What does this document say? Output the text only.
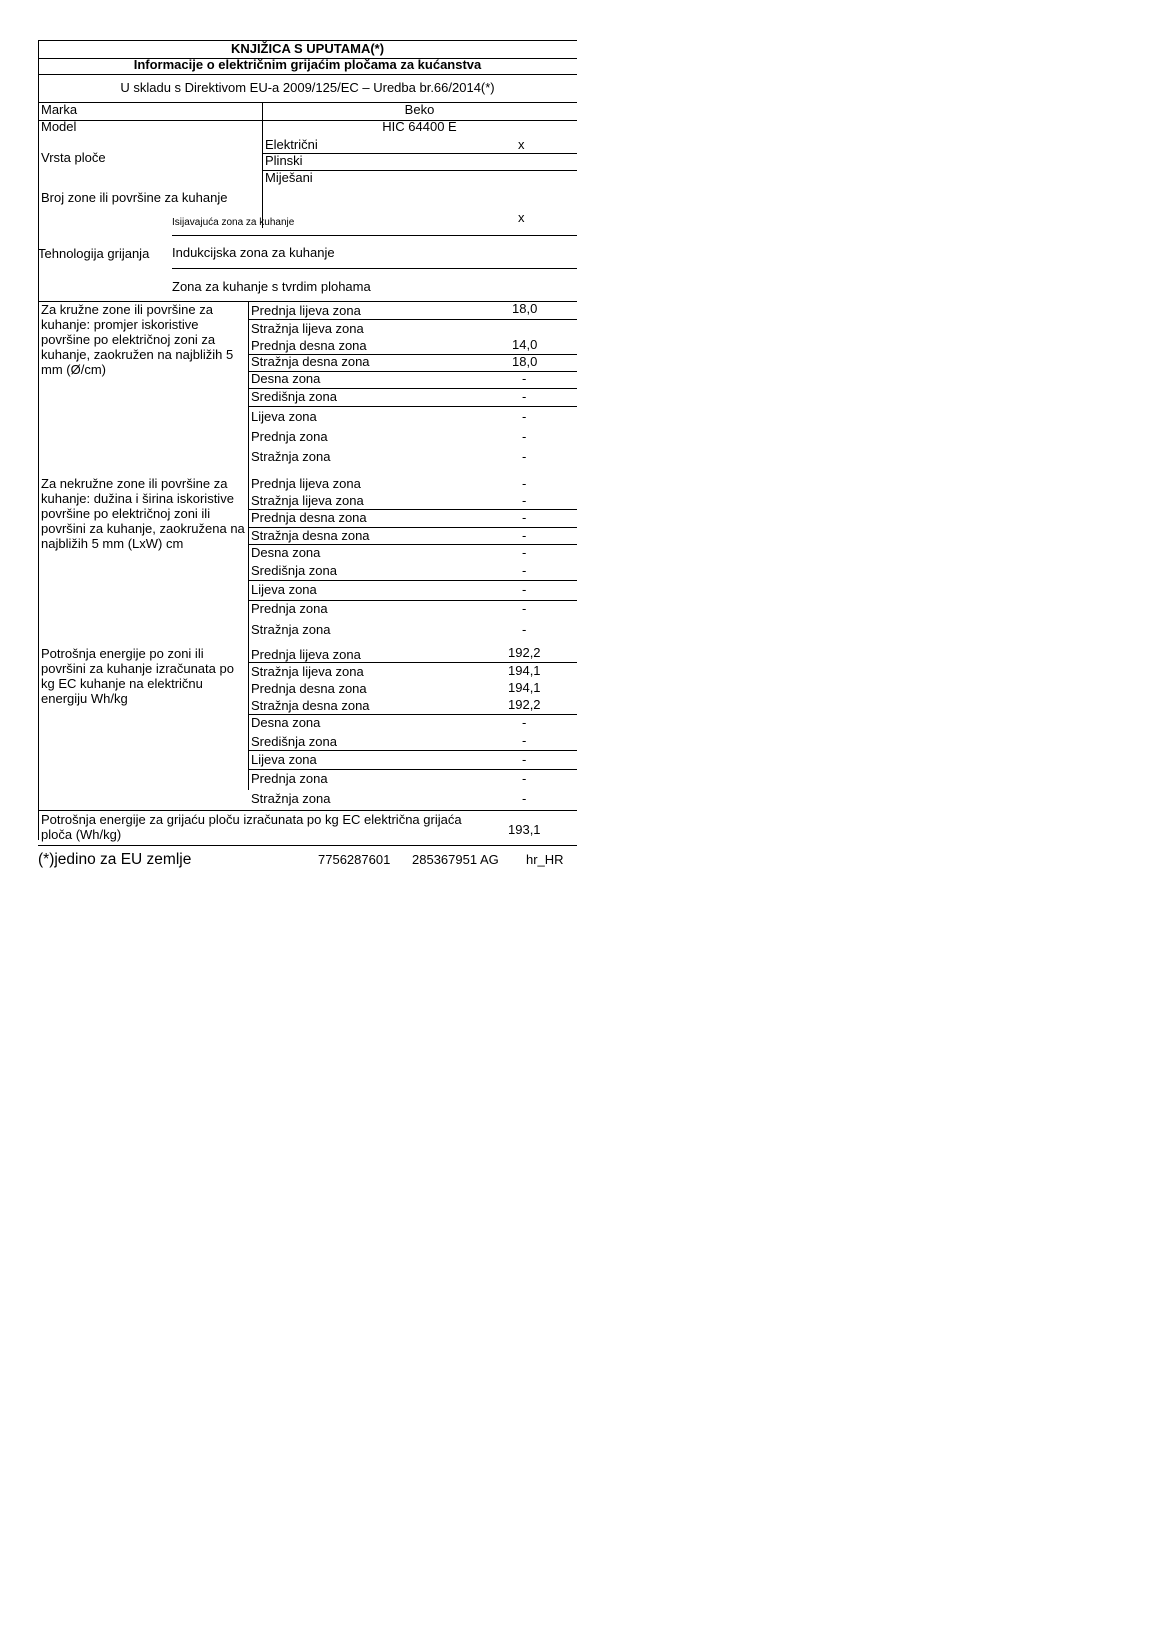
KNJIŽICA S UPUTAMA(*)
Informacije o električnim grijaćim pločama za kućanstva
U skladu s Direktivom EU-a 2009/125/EC – Uredba br.66/2014(*)
Marka	Beko
Model	HIC 64400 E
Vrsta ploče
Električni	x
Plinski
Miješani
Broj zone ili površine za kuhanje
Tehnologija grijanja
Isijavajuća zona za kuhanje	x
Indukcijska zona za kuhanje
Zona za kuhanje s tvrdim plohama
Za kružne zone ili površine za kuhanje: promjer iskoristive površine po električnoj zoni za kuhanje, zaokružen na najbližih 5 mm (Ø/cm)
Prednja lijeva zona	18,0
Stražnja lijeva zona
Prednja desna zona	14,0
Stražnja desna zona	18,0
Desna zona	-
Središnja zona	-
Lijeva zona	-
Prednja zona	-
Stražnja zona	-
Za nekružne zone ili površine za kuhanje: dužina i širina iskoristive površine po električnoj zoni ili površini za kuhanje, zaokružena na najbližih 5 mm (LxW) cm
Prednja lijeva zona	-
Stražnja lijeva zona	-
Prednja desna zona	-
Stražnja desna zona	-
Desna zona	-
Središnja zona	-
Lijeva zona	-
Prednja zona	-
Stražnja zona	-
Potrošnja energije po zoni ili površini za kuhanje izračunata po kg EC kuhanje na električnu energiju Wh/kg
Prednja lijeva zona	192,2
Stražnja lijeva zona	194,1
Prednja desna zona	194,1
Stražnja desna zona	192,2
Desna zona	-
Središnja zona	-
Lijeva zona	-
Prednja zona	-
Stražnja zona	-
Potrošnja energije za grijaću ploču izračunata po kg EC električna grijaća ploča (Wh/kg)	193,1
(*)jedino za EU zemlje	7756287601 285367951 AG hr_HR
